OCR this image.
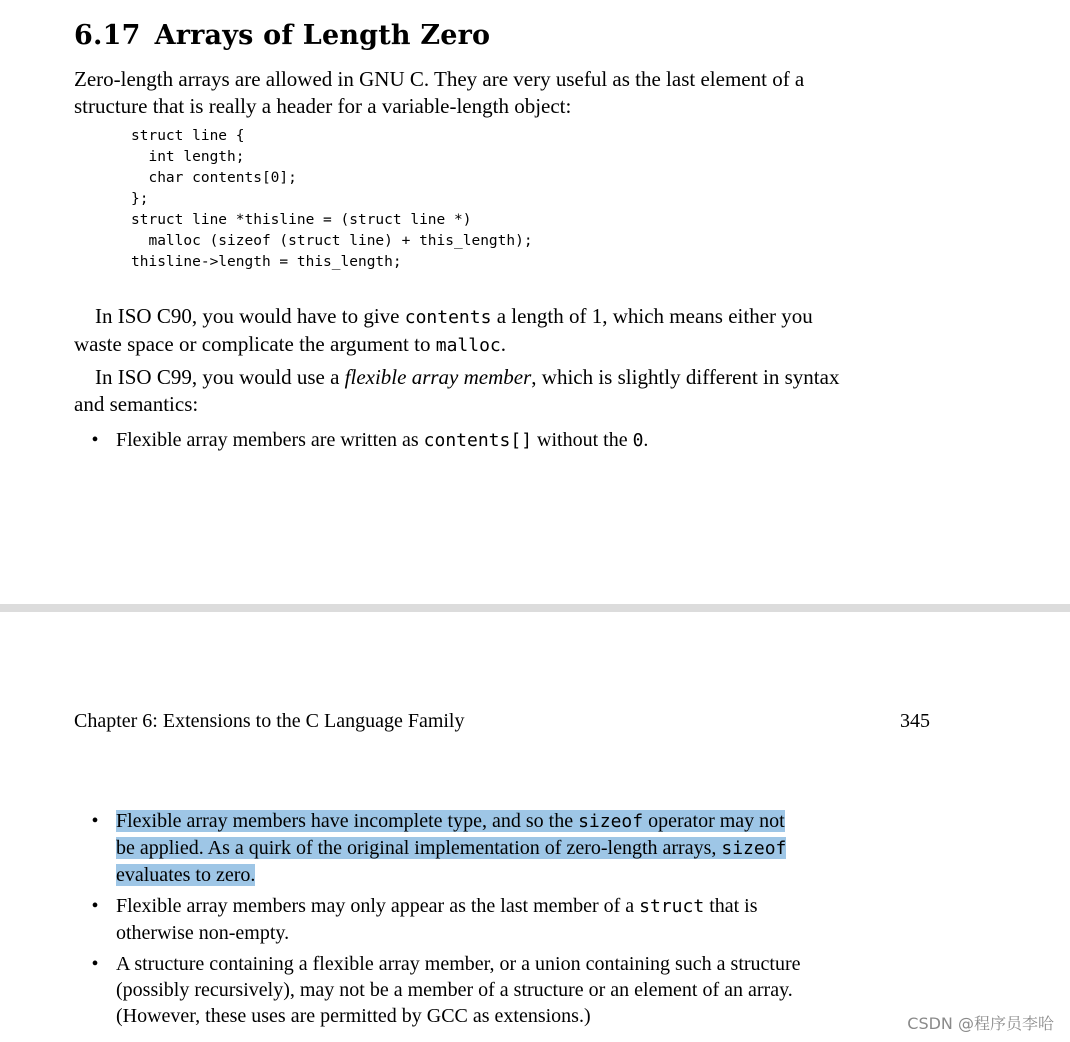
6.17 Arrays of Length Zero
Zero-length arrays are allowed in GNU C. They are very useful as the last element of a
structure that is really a header for a variable-length object:
struct line {
int length;
char contents[0];
};
struct line *thisline = (struct line *)
malloc (sizeof (struct line) + this_length);
thisline->length = this_length;
In ISO C90, you would have to give contents a length of 1, which means either you
waste space or complicate the argument to malloc.
In ISO C99, you would use a flexible array member, which is slightly different in syntax
and semantics:
• Flexible array members are written as contents[] without the 0.
Chapter 6: Extensions to the C Language Family	345
• Flexible array members have incomplete type, and so the sizeof operator may not
be applied. As a quirk of the original implementation of zero-length arrays, sizeof
evaluates to zero.
• Flexible array members may only appear as the last member of a struct that is
otherwise non-empty.
• A structure containing a flexible array member, or a union containing such a structure
(possibly recursively), may not be a member of a structure or an element of an array.
(However, these uses are permitted by GCC as extensions.)	CSDN @程序员李哈
